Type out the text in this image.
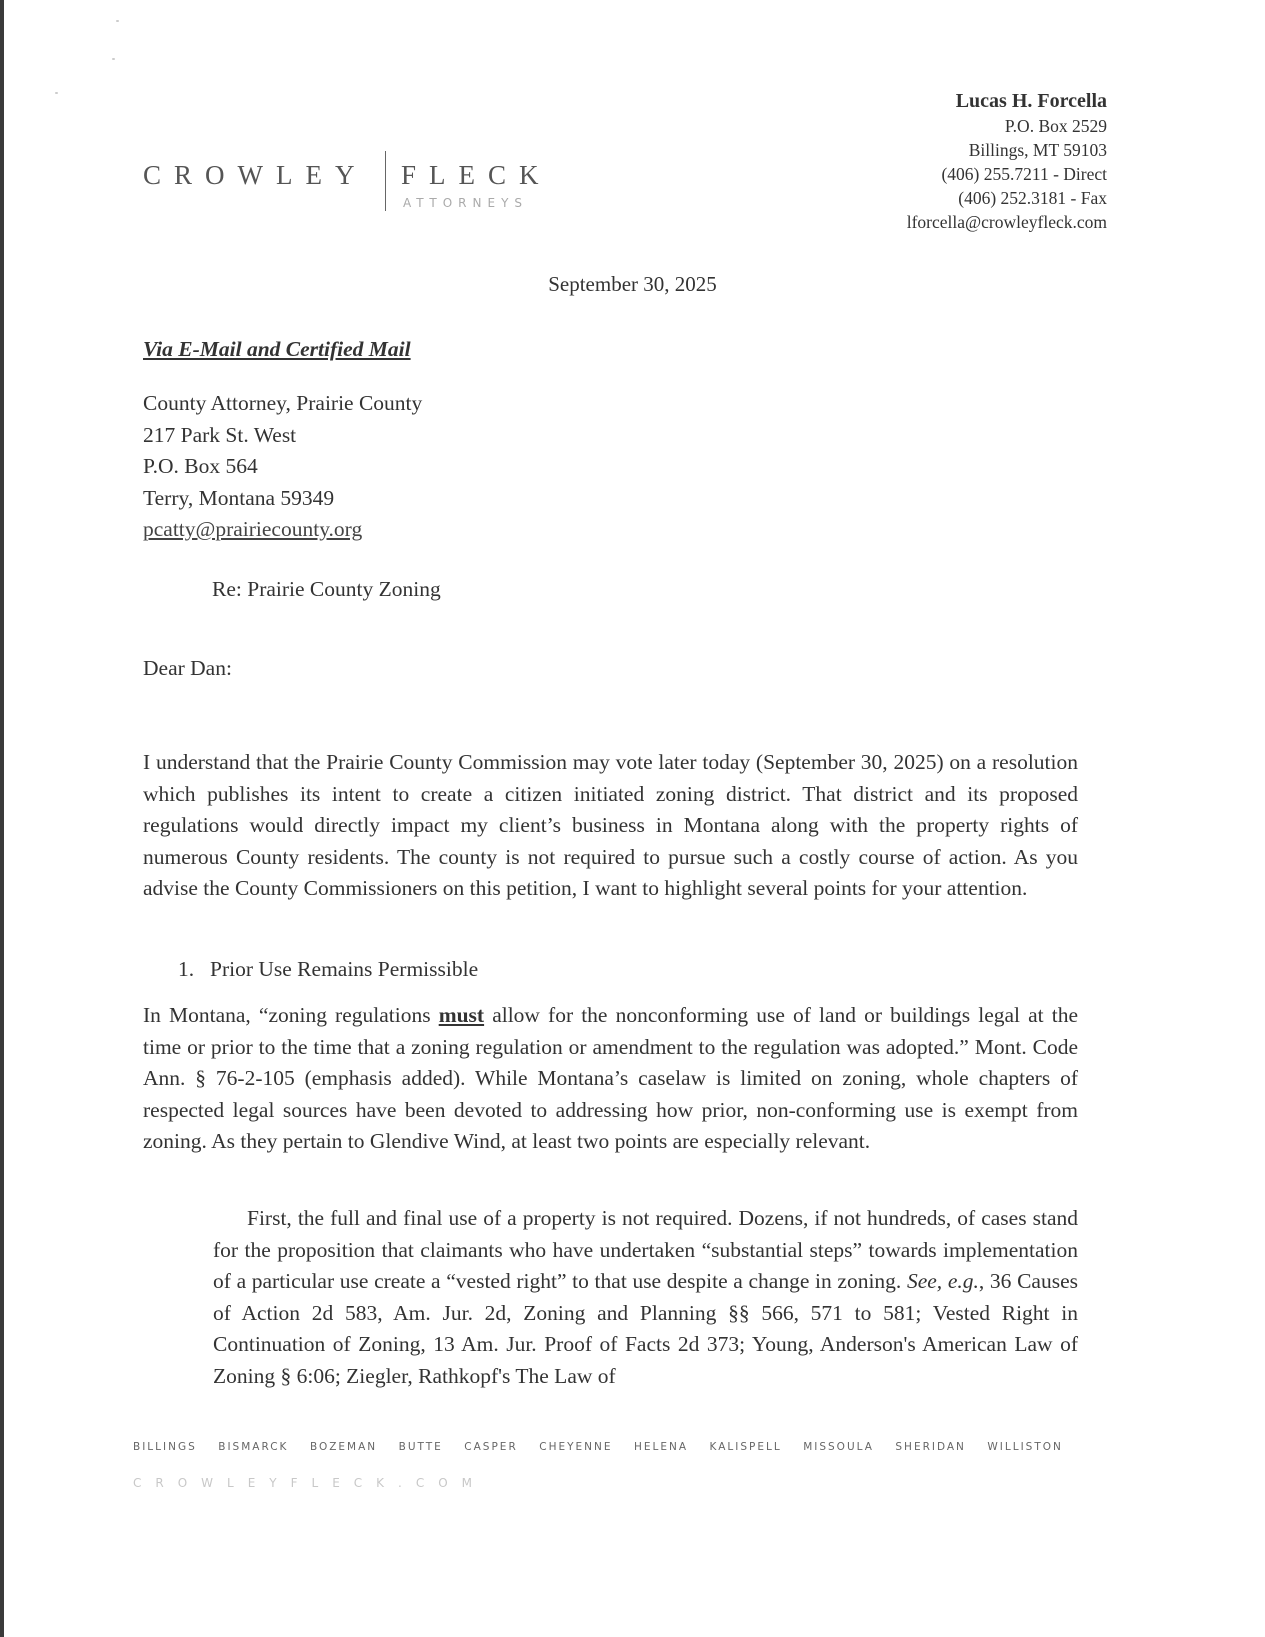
CROWLEY FLECK
ATTORNEYS
Lucas H. Forcella
P.O. Box 2529
Billings, MT 59103
(406) 255.7211 - Direct
(406) 252.3181 - Fax
lforcella@crowleyfleck.com
September 30, 2025
Via E-Mail and Certified Mail
County Attorney, Prairie County
217 Park St. West
P.O. Box 564
Terry, Montana 59349
pcatty@prairiecounty.org
Re: Prairie County Zoning
Dear Dan:

I understand that the Prairie County Commission may vote later today (September 30, 2025) on a resolution which publishes its intent to create a citizen initiated zoning district. That district and its proposed regulations would directly impact my client’s business in Montana along with the property rights of numerous County residents. The county is not required to pursue such a costly course of action. As you advise the County Commissioners on this petition, I want to highlight several points for your attention.

1. Prior Use Remains Permissible

In Montana, “zoning regulations must allow for the nonconforming use of land or buildings legal at the time or prior to the time that a zoning regulation or amendment to the regulation was adopted.” Mont. Code Ann. § 76-2-105 (emphasis added). While Montana’s caselaw is limited on zoning, whole chapters of respected legal sources have been devoted to addressing how prior, non-conforming use is exempt from zoning. As they pertain to Glendive Wind, at least two points are especially relevant.

First, the full and final use of a property is not required. Dozens, if not hundreds, of cases stand for the proposition that claimants who have undertaken “substantial steps” towards implementation of a particular use create a “vested right” to that use despite a change in zoning. See, e.g., 36 Causes of Action 2d 583, Am. Jur. 2d, Zoning and Planning §§ 566, 571 to 581; Vested Right in Continuation of Zoning, 13 Am. Jur. Proof of Facts 2d 373; Young, Anderson's American Law of Zoning § 6:06; Ziegler, Rathkopf's The Law of

BILLINGS BISMARCK BOZEMAN BUTTE CASPER CHEYENNE HELENA KALISPELL MISSOULA SHERIDAN WILLISTON
CROWLEYFLECK.COM
